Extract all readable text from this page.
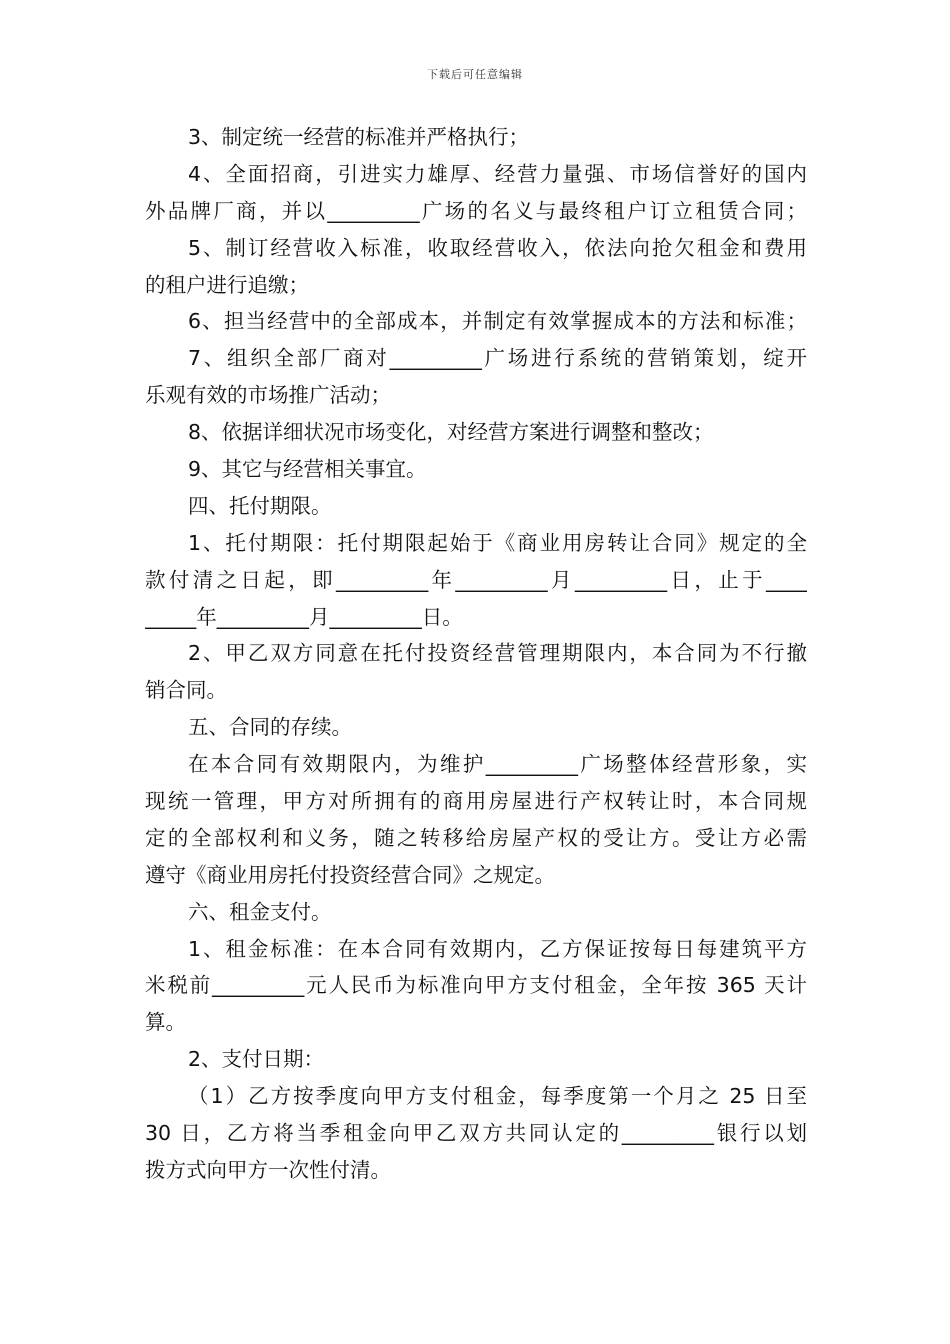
下载后可任意编辑
3、制定统一经营的标准并严格执行；
4、全面招商，引进实力雄厚、经营力量强、市场信誉好的国内
外品牌厂商，并以_________广场的名义与最终租户订立租赁合同；
5、制订经营收入标准，收取经营收入，依法向抢欠租金和费用
的租户进行追缴；
6、担当经营中的全部成本，并制定有效掌握成本的方法和标准；
7、组织全部厂商对_________广场进行系统的营销策划，绽开
乐观有效的市场推广活动；
8、依据详细状况市场变化，对经营方案进行调整和整改；
9、其它与经营相关事宜。
四、托付期限。
1、托付期限：托付期限起始于《商业用房转让合同》规定的全
款付清之日起，即_________年_________月_________日，止于____
_____年_________月_________日。
2、甲乙双方同意在托付投资经营管理期限内，本合同为不行撤
销合同。
五、合同的存续。
在本合同有效期限内，为维护_________广场整体经营形象，实
现统一管理，甲方对所拥有的商用房屋进行产权转让时，本合同规
定的全部权利和义务，随之转移给房屋产权的受让方。受让方必需
遵守《商业用房托付投资经营合同》之规定。
六、租金支付。
1、租金标准：在本合同有效期内，乙方保证按每日每建筑平方
米税前_________元人民币为标准向甲方支付租金，全年按 365 天计
算。
2、支付日期：
（1）乙方按季度向甲方支付租金，每季度第一个月之 25 日至
30 日，乙方将当季租金向甲乙双方共同认定的_________银行以划
拨方式向甲方一次性付清。
